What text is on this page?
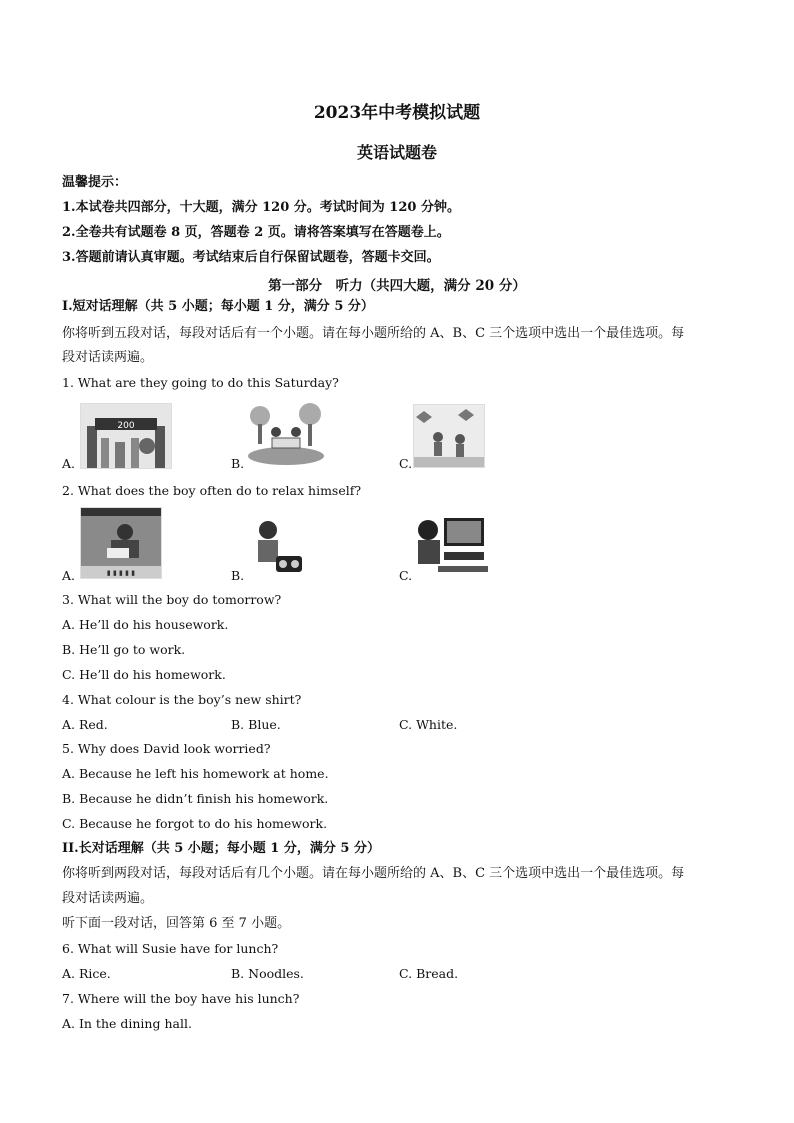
2023年中考模拟试题
英语试题卷
温馨提示：
1.本试卷共四部分，十大题，满分 120 分。考试时间为 120 分钟。
2.全卷共有试题卷 8 页，答题卷 2 页。请将答案填写在答题卷上。
3.答题前请认真审题。考试结束后自行保留试题卷，答题卡交回。
第一部分　听力（共四大题，满分 20 分）
I.短对话理解（共 5 小题；每小题 1 分，满分 5 分）
你将听到五段对话，每段对话后有一个小题。请在每小题所给的 A、B、C 三个选项中选出一个最佳选项。每
段对话读两遍。
1. What are they going to do this Saturday?
200
A.	B.	C.
2. What does the boy often do to relax himself?
▮ ▮ ▮ ▮ ▮
A.	B.	C.
3. What will the boy do tomorrow?
A. He’ll do his housework.
B. He’ll go to work.
C. He’ll do his homework.
4. What colour is the boy’s new shirt?
A. Red.	B. Blue.	C. White.
5. Why does David look worried?
A. Because he left his homework at home.
B. Because he didn’t finish his homework.
C. Because he forgot to do his homework.
II.长对话理解（共 5 小题；每小题 1 分，满分 5 分）
你将听到两段对话，每段对话后有几个小题。请在每小题所给的 A、B、C 三个选项中选出一个最佳选项。每
段对话读两遍。
听下面一段对话，回答第 6 至 7 小题。
6. What will Susie have for lunch?
A. Rice.	B. Noodles.	C. Bread.
7. Where will the boy have his lunch?
A. In the dining hall.
